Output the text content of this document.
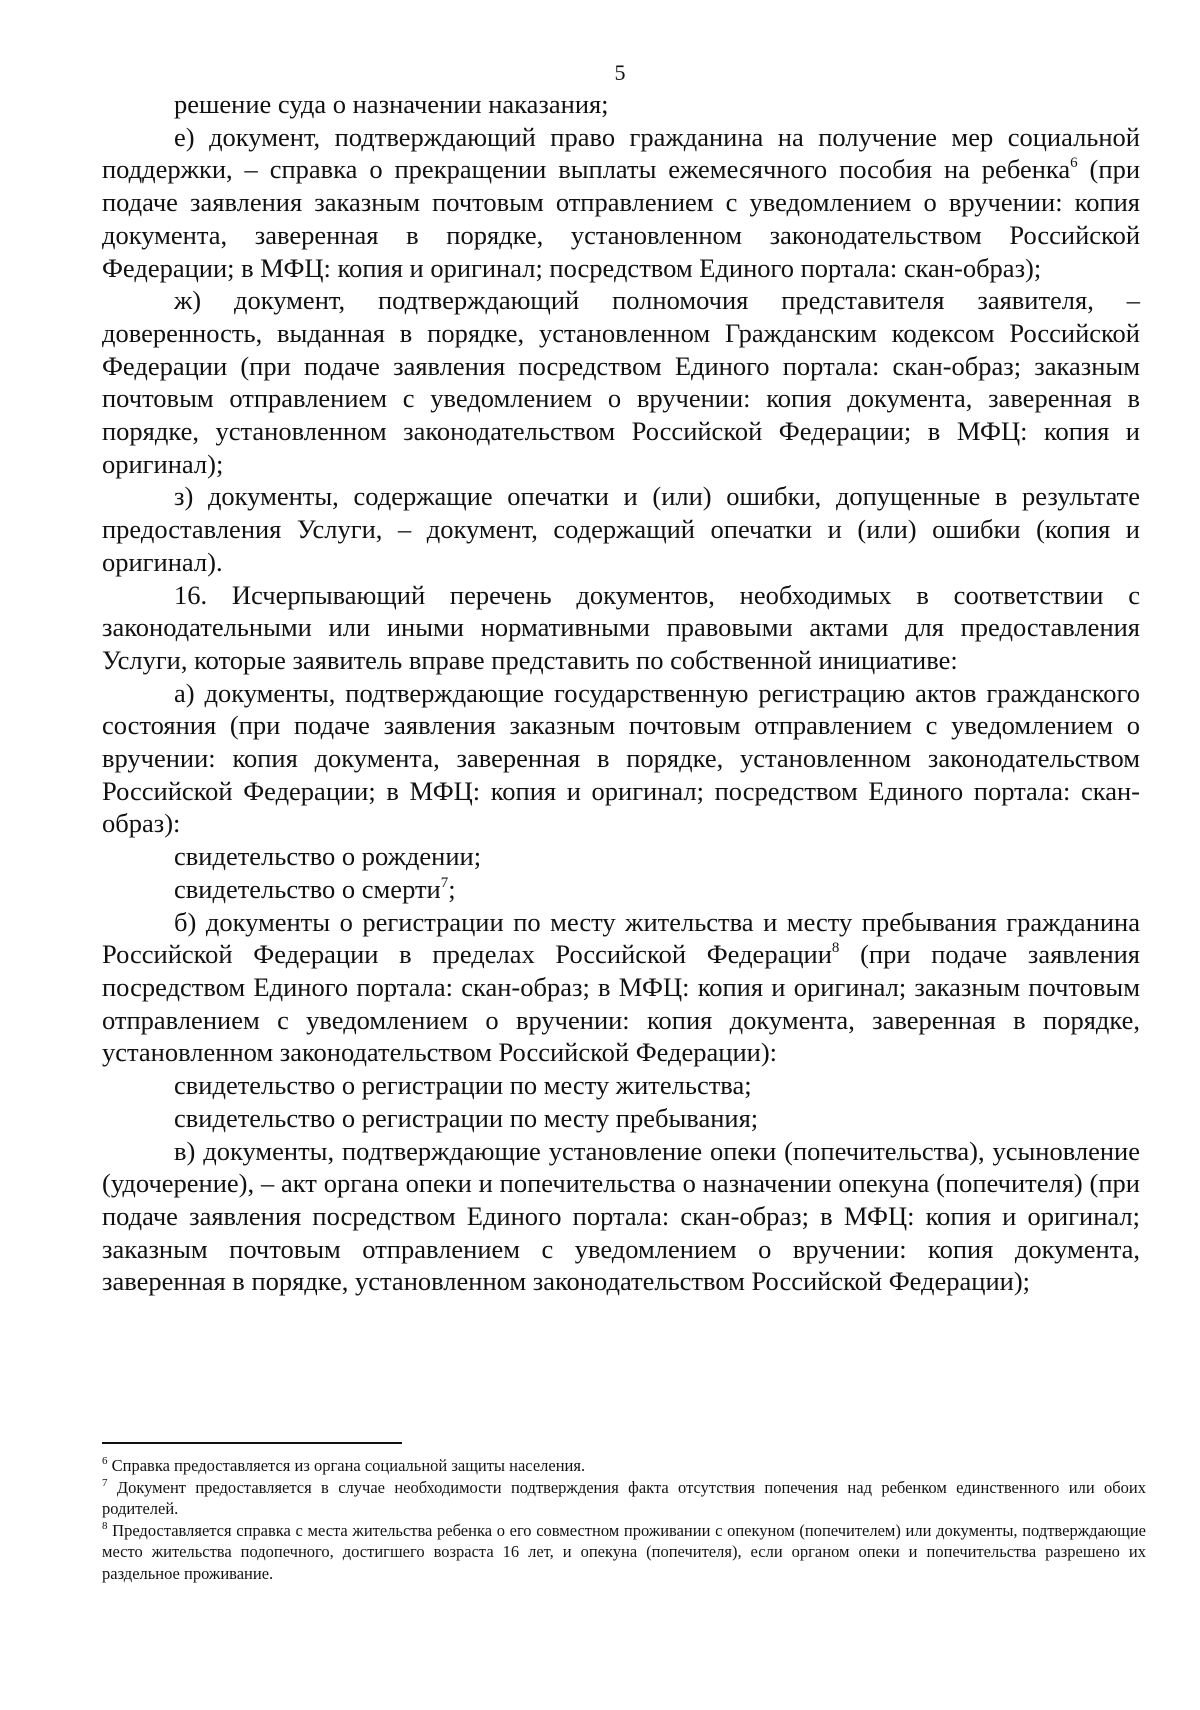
5

решение суда о назначении наказания;

е) документ, подтверждающий право гражданина на получение мер социальной поддержки, – справка о прекращении выплаты ежемесячного пособия на ребенка$^6$ (при подаче заявления заказным почтовым отправлением с уведомлением о вручении: копия документа, заверенная в порядке, установленном законодательством Российской Федерации; в МФЦ: копия и оригинал; посредством Единого портала: скан-образ);

ж) документ, подтверждающий полномочия представителя заявителя, – доверенность, выданная в порядке, установленном Гражданским кодексом Российской Федерации (при подаче заявления посредством Единого портала: скан-образ; заказным почтовым отправлением с уведомлением о вручении: копия документа, заверенная в порядке, установленном законодательством Российской Федерации; в МФЦ: копия и оригинал);

з) документы, содержащие опечатки и (или) ошибки, допущенные в результате предоставления Услуги, – документ, содержащий опечатки и (или) ошибки (копия и оригинал).

16. Исчерпывающий перечень документов, необходимых в соответствии с законодательными или иными нормативными правовыми актами для предоставления Услуги, которые заявитель вправе представить по собственной инициативе:

а) документы, подтверждающие государственную регистрацию актов гражданского состояния (при подаче заявления заказным почтовым отправлением с уведомлением о вручении: копия документа, заверенная в порядке, установленном законодательством Российской Федерации; в МФЦ: копия и оригинал; посредством Единого портала: скан-образ):

свидетельство о рождении;

свидетельство о смерти$^7$;

б) документы о регистрации по месту жительства и месту пребывания гражданина Российской Федерации в пределах Российской Федерации$^8$ (при подаче заявления посредством Единого портала: скан-образ; в МФЦ: копия и оригинал; заказным почтовым отправлением с уведомлением о вручении: копия документа, заверенная в порядке, установленном законодательством Российской Федерации):

свидетельство о регистрации по месту жительства;

свидетельство о регистрации по месту пребывания;

в) документы, подтверждающие установление опеки (попечительства), усыновление (удочерение), – акт органа опеки и попечительства о назначении опекуна (попечителя) (при подаче заявления посредством Единого портала: скан-образ; в МФЦ: копия и оригинал; заказным почтовым отправлением с уведомлением о вручении: копия документа, заверенная в порядке, установленном законодательством Российской Федерации);

$^6$ Справка предоставляется из органа социальной защиты населения.

$^7$ Документ предоставляется в случае необходимости подтверждения факта отсутствия попечения над ребенком единственного или обоих родителей.

$^8$ Предоставляется справка с места жительства ребенка о его совместном проживании с опекуном (попечителем) или документы, подтверждающие место жительства подопечного, достигшего возраста 16 лет, и опекуна (попечителя), если органом опеки и попечительства разрешено их раздельное проживание.
